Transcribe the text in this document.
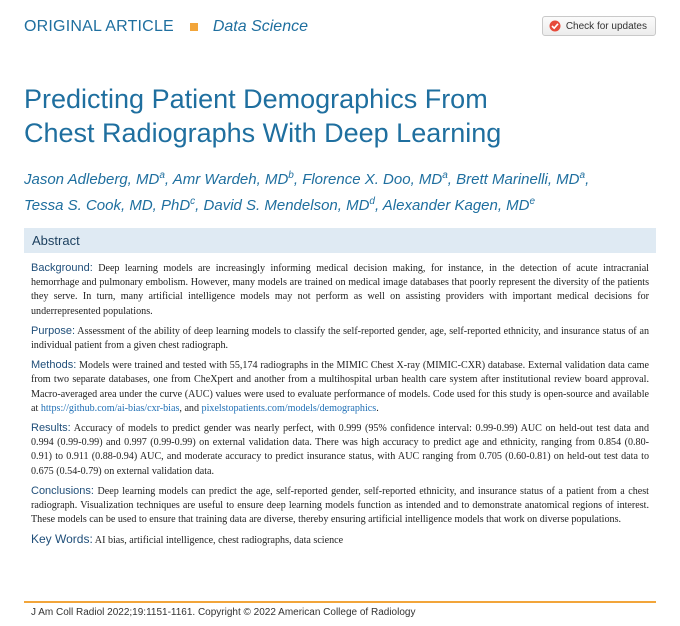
ORIGINAL ARTICLE Data Science	Check for updates
Predicting Patient Demographics From
Chest Radiographs With Deep Learning
Jason Adleberg, $MD^a$, Amr Wardeh, $MD^b$, Florence X. Doo, $MD^a$, Brett Marinelli, $MD^a$,
Tessa S. Cook, MD, PhD$^c$, David S. Mendelson, $MD^d$, Alexander Kagen, MDe
Abstract

Background: Deep learning models are increasingly informing medical decision making, for instance, in the detection of acute intracranial hemorrhage and pulmonary embolism. However, many models are trained on medical image databases that poorly represent the diversity of the patients they serve. In turn, many artificial intelligence models may not perform as well on assisting providers with important medical decisions for underrepresented populations.

Purpose: Assessment of the ability of deep learning models to classify the self-reported gender, age, self-reported ethnicity, and insurance status of an individual patient from a given chest radiograph.

Methods: Models were trained and tested with 55,174 radiographs in the MIMIC Chest X-ray (MIMIC-CXR) database. External validation data came from two separate databases, one from CheXpert and another from a multihospital urban health care system after institutional review board approval. Macro-averaged area under the curve (AUC) values were used to evaluate performance of models. Code used for this study is open-source and available at https://github.com/ai-bias/cxr-bias, and pixelstopatients.com/models/demographics.

Results: Accuracy of models to predict gender was nearly perfect, with 0.999 (95% confidence interval: 0.99-0.99) AUC on held-out test data and 0.994 (0.99-0.99) and 0.997 (0.99-0.99) on external validation data. There was high accuracy to predict age and ethnicity, ranging from 0.854 (0.80-0.91) to 0.911 (0.88-0.94) AUC, and moderate accuracy to predict insurance status, with AUC ranging from 0.705 (0.60-0.81) on held-out test data to 0.675 (0.54-0.79) on external validation data.

Conclusions: Deep learning models can predict the age, self-reported gender, self-reported ethnicity, and insurance status of a patient from a chest radiograph. Visualization techniques are useful to ensure deep learning models function as intended and to demonstrate anatomical regions of interest. These models can be used to ensure that training data are diverse, thereby ensuring artificial intelligence models that work on diverse populations.

Key Words: AI bias, artificial intelligence, chest radiographs, data science

J Am Coll Radiol 2022;19:1151-1161. Copyright © 2022 American College of Radiology
